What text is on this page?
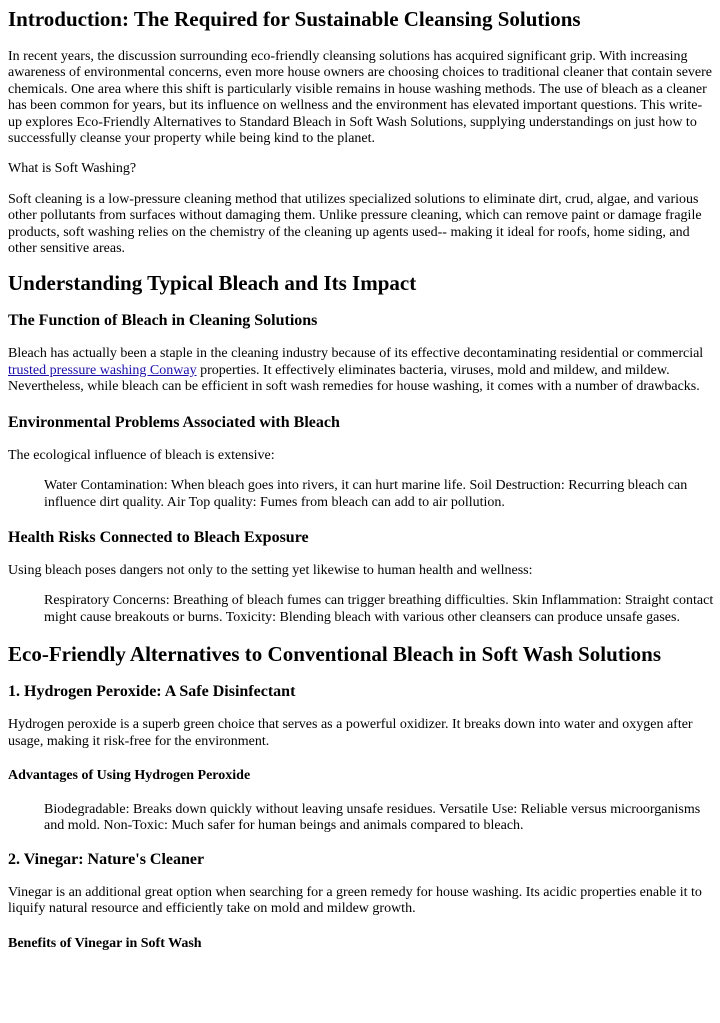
Introduction: The Required for Sustainable Cleansing Solutions

In recent years, the discussion surrounding eco-friendly cleansing solutions has acquired significant grip. With increasing awareness of environmental concerns, even more house owners are choosing choices to traditional cleaner that contain severe chemicals. One area where this shift is particularly visible remains in house washing methods. The use of bleach as a cleaner has been common for years, but its influence on wellness and the environment has elevated important questions. This write-up explores Eco-Friendly Alternatives to Standard Bleach in Soft Wash Solutions, supplying understandings on just how to successfully cleanse your property while being kind to the planet.

What is Soft Washing?

Soft cleaning is a low-pressure cleaning method that utilizes specialized solutions to eliminate dirt, crud, algae, and various other pollutants from surfaces without damaging them. Unlike pressure cleaning, which can remove paint or damage fragile products, soft washing relies on the chemistry of the cleaning up agents used-- making it ideal for roofs, home siding, and other sensitive areas.

Understanding Typical Bleach and Its Impact
The Function of Bleach in Cleaning Solutions

Bleach has actually been a staple in the cleaning industry because of its effective decontaminating residential or commercial trusted pressure washing Conway properties. It effectively eliminates bacteria, viruses, mold and mildew, and mildew. Nevertheless, while bleach can be efficient in soft wash remedies for house washing, it comes with a number of drawbacks.

Environmental Problems Associated with Bleach

The ecological influence of bleach is extensive:

Water Contamination: When bleach goes into rivers, it can hurt marine life. Soil Destruction: Recurring bleach can influence dirt quality. Air Top quality: Fumes from bleach can add to air pollution.
Health Risks Connected to Bleach Exposure

Using bleach poses dangers not only to the setting yet likewise to human health and wellness:

Respiratory Concerns: Breathing of bleach fumes can trigger breathing difficulties. Skin Inflammation: Straight contact might cause breakouts or burns. Toxicity: Blending bleach with various other cleansers can produce unsafe gases.
Eco-Friendly Alternatives to Conventional Bleach in Soft Wash Solutions
1. Hydrogen Peroxide: A Safe Disinfectant

Hydrogen peroxide is a superb green choice that serves as a powerful oxidizer. It breaks down into water and oxygen after usage, making it risk-free for the environment.

Advantages of Using Hydrogen Peroxide
Biodegradable: Breaks down quickly without leaving unsafe residues. Versatile Use: Reliable versus microorganisms and mold. Non-Toxic: Much safer for human beings and animals compared to bleach.
2. Vinegar: Nature's Cleaner

Vinegar is an additional great option when searching for a green remedy for house washing. Its acidic properties enable it to liquify natural resource and efficiently take on mold and mildew growth.

Benefits of Vinegar in Soft Wash
